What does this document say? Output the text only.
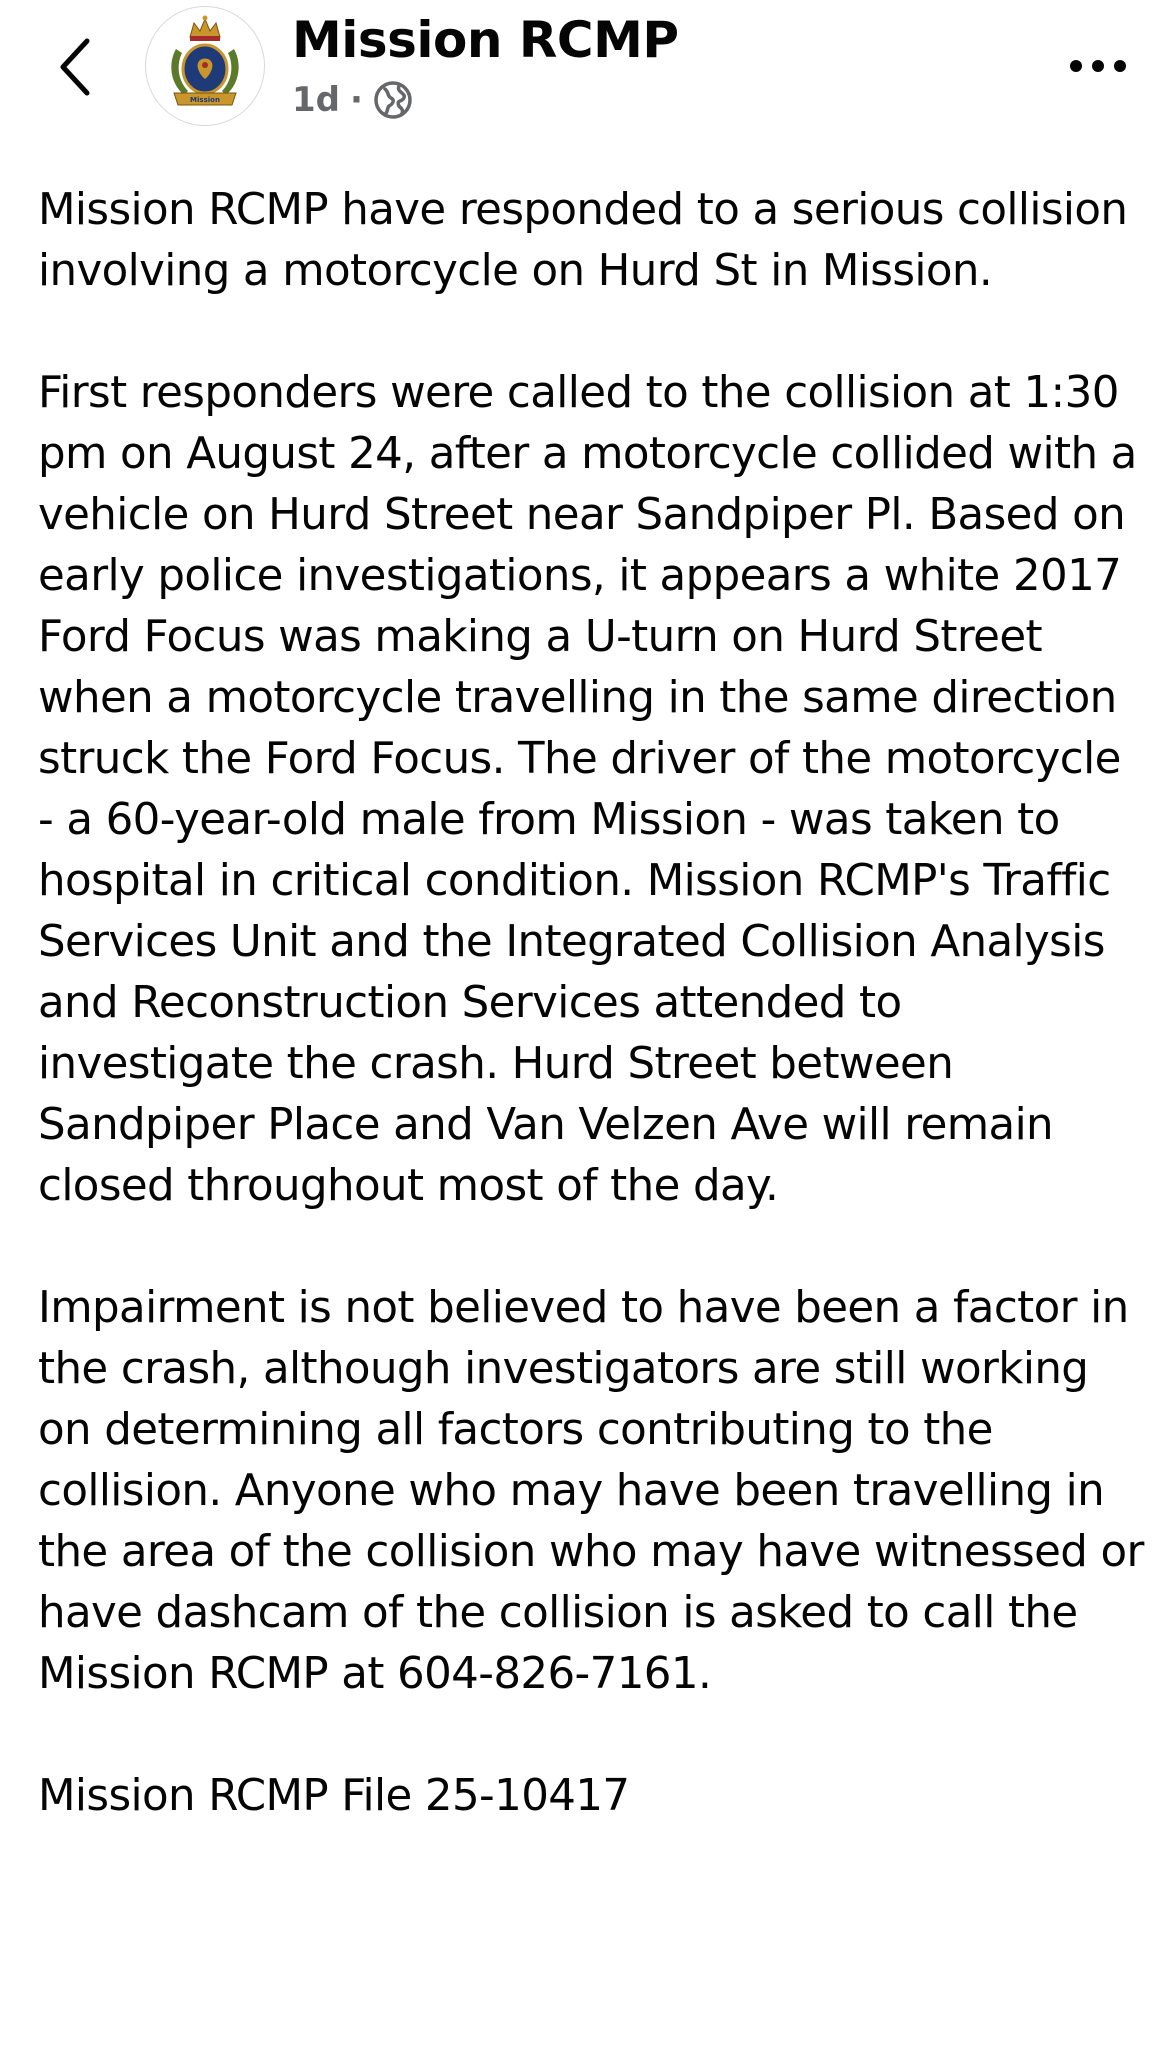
Mission
Mission RCMP
1d ·

Mission RCMP have responded to a serious collision involving a motorcycle on Hurd St in Mission.

First responders were called to the collision at 1:30 pm on August 24, after a motorcycle collided with a vehicle on Hurd Street near Sandpiper Pl. Based on early police investigations, it appears a white 2017 Ford Focus was making a U-turn on Hurd Street when a motorcycle travelling in the same direction struck the Ford Focus. The driver of the motorcycle - a 60-year-old male from Mission - was taken to hospital in critical condition. Mission RCMP's Traffic Services Unit and the Integrated Collision Analysis and Reconstruction Services attended to investigate the crash. Hurd Street between Sandpiper Place and Van Velzen Ave will remain closed throughout most of the day.

Impairment is not believed to have been a factor in the crash, although investigators are still working on determining all factors contributing to the collision. Anyone who may have been travelling in the area of the collision who may have witnessed or have dashcam of the collision is asked to call the Mission RCMP at 604-826-7161.

Mission RCMP File 25-10417
